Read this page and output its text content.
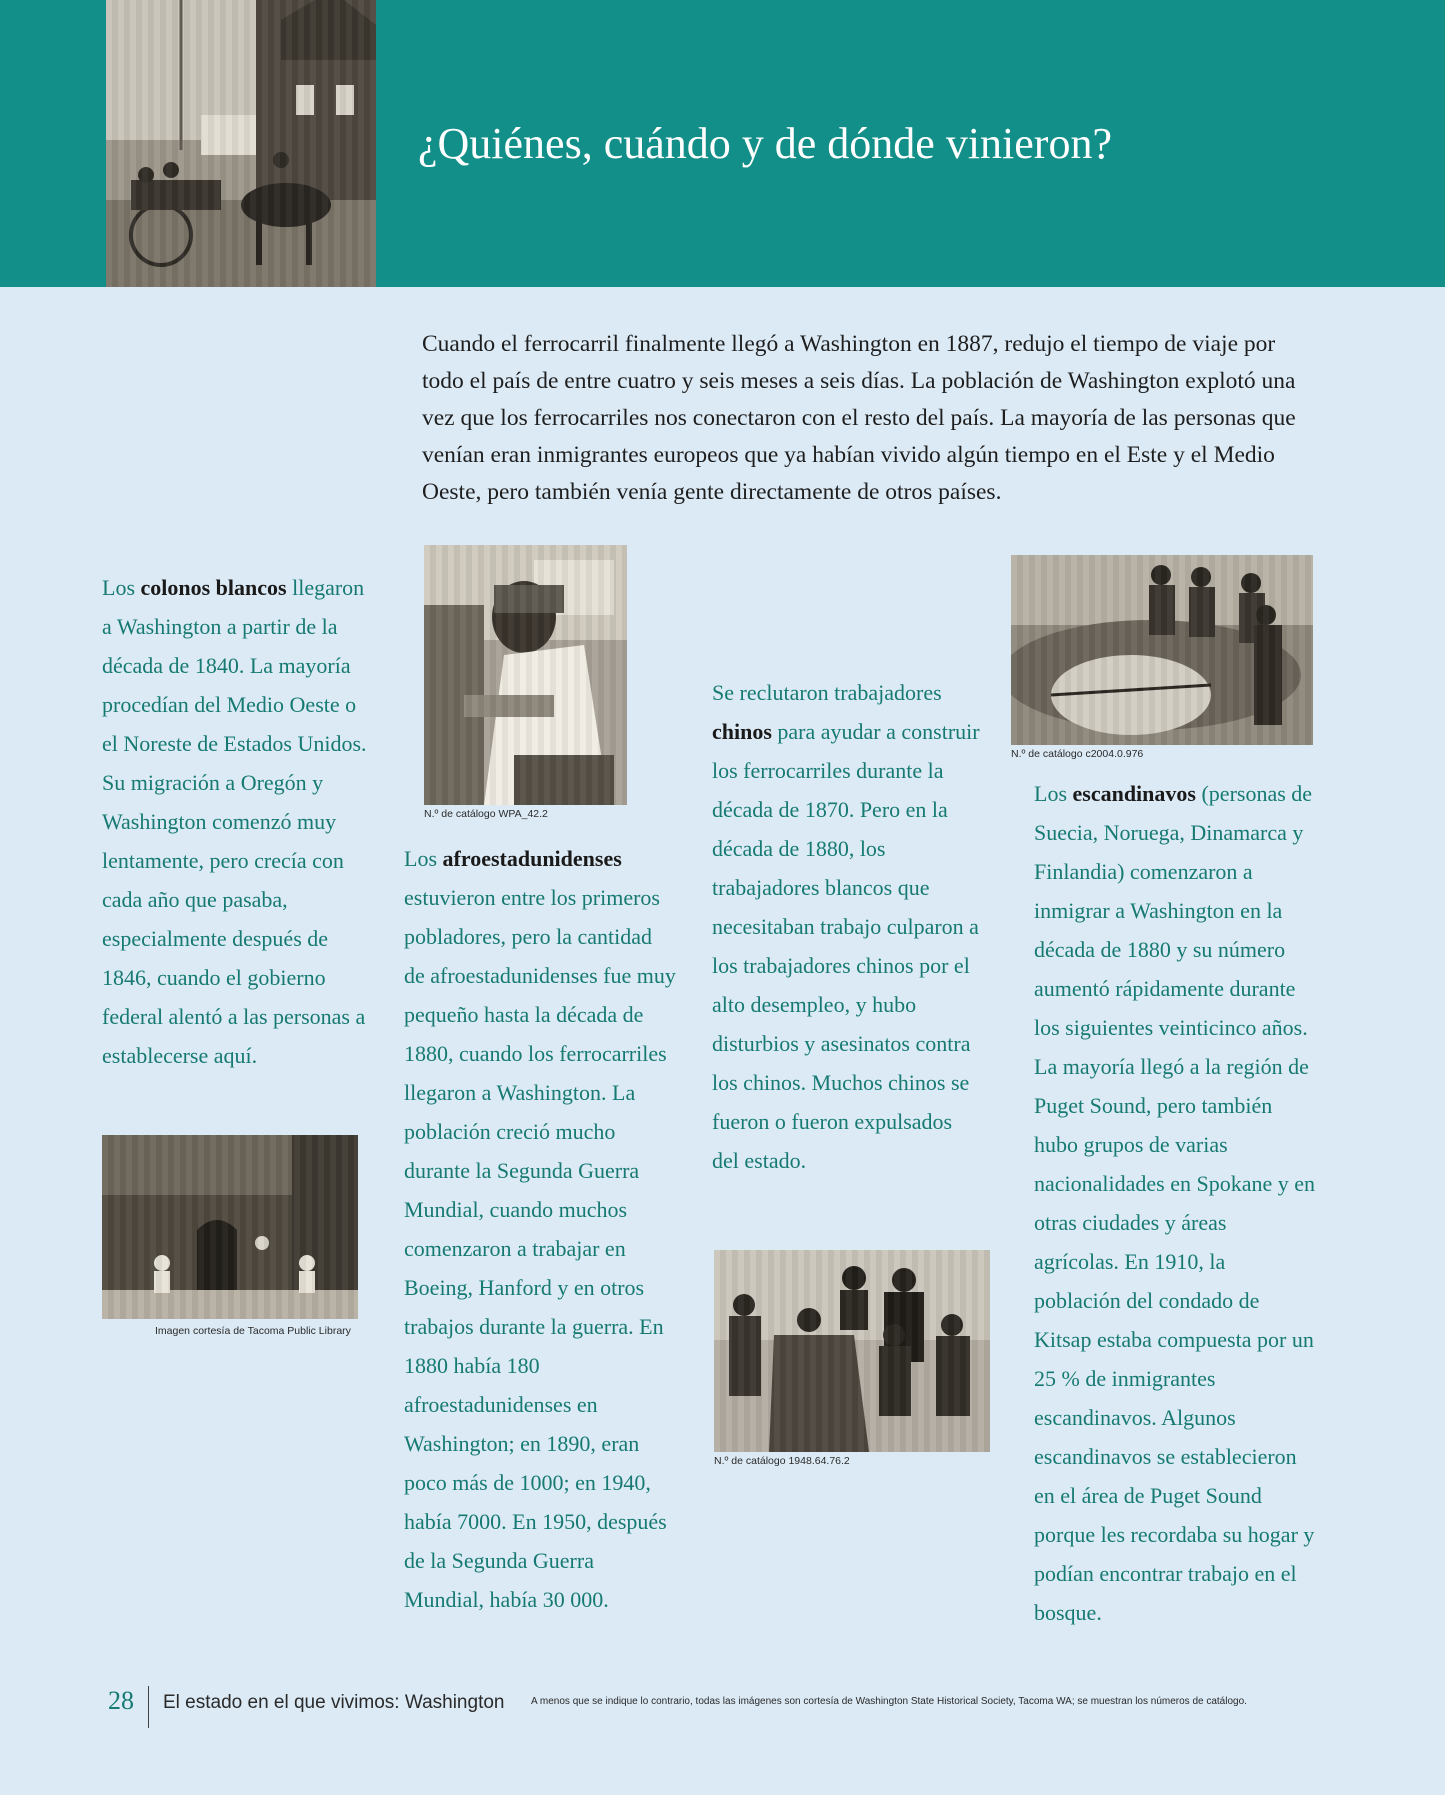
¿Quiénes, cuándo y de dónde vinieron?

Cuando el ferrocarril finalmente llegó a Washington en 1887, redujo el tiempo de viaje por todo el país de entre cuatro y seis meses a seis días. La población de Washington explotó una vez que los ferrocarriles nos conectaron con el resto del país. La mayoría de las personas que venían eran inmigrantes europeos que ya habían vivido algún tiempo en el Este y el Medio Oeste, pero también venía gente directamente de otros países.

Los colonos blancos llegaron a Washington a partir de la década de 1840. La mayoría procedían del Medio Oeste o el Noreste de Estados Unidos. Su migración a Oregón y Washington comenzó muy lentamente, pero crecía con cada año que pasaba, especialmente después de 1846, cuando el gobierno federal alentó a las personas a establecerse aquí.

Imagen cortesía de Tacoma Public Library

N.º de catálogo WPA_42.2

Los afroestadunidenses estuvieron entre los primeros pobladores, pero la cantidad de afroestadunidenses fue muy pequeño hasta la década de 1880, cuando los ferrocarriles llegaron a Washington. La población creció mucho durante la Segunda Guerra Mundial, cuando muchos comenzaron a trabajar en Boeing, Hanford y en otros trabajos durante la guerra. En 1880 había 180 afroestadunidenses en Washington; en 1890, eran poco más de 1000; en 1940, había 7000. En 1950, después de la Segunda Guerra Mundial, había 30 000.

Se reclutaron trabajadores chinos para ayudar a construir los ferrocarriles durante la década de 1870. Pero en la década de 1880, los trabajadores blancos que necesitaban trabajo culparon a los trabajadores chinos por el alto desempleo, y hubo disturbios y asesinatos contra los chinos. Muchos chinos se fueron o fueron expulsados del estado.

N.º de catálogo 1948.64.76.2

N.º de catálogo c2004.0.976

Los escandinavos (personas de Suecia, Noruega, Dinamarca y Finlandia) comenzaron a inmigrar a Washington en la década de 1880 y su número aumentó rápidamente durante los siguientes veinticinco años. La mayoría llegó a la región de Puget Sound, pero también hubo grupos de varias nacionalidades en Spokane y en otras ciudades y áreas agrícolas. En 1910, la población del condado de Kitsap estaba compuesta por un 25 % de inmigrantes escandinavos. Algunos escandinavos se establecieron en el área de Puget Sound porque les recordaba su hogar y podían encontrar trabajo en el bosque.

28 El estado en el que vivimos: Washington	A menos que se indique lo contrario, todas las imágenes son cortesía de Washington State Historical Society, Tacoma WA; se muestran los números de catálogo.
